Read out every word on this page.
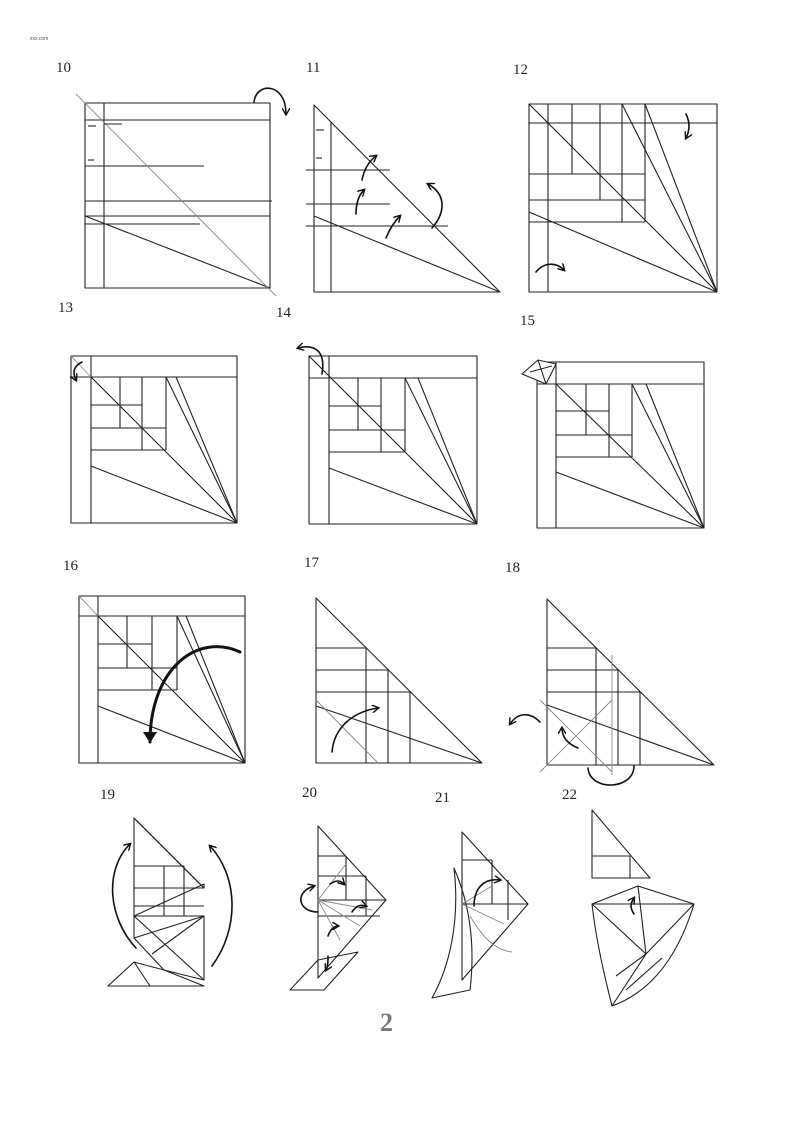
xxx.com
10	11	12
13	14	15
16	17	18
19	20	21	22
2
